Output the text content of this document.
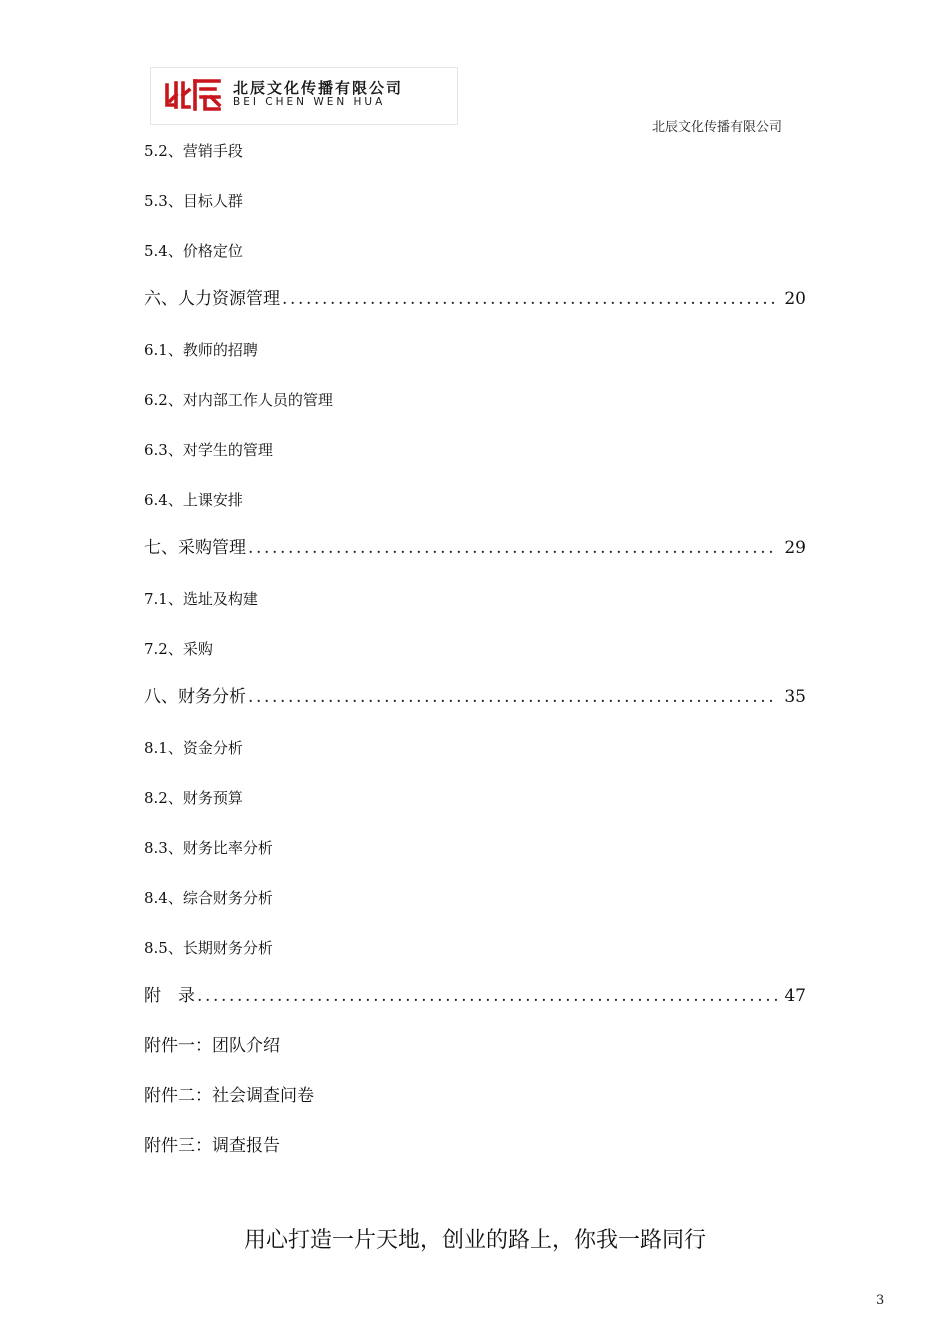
北辰文化传播有限公司
BEI CHEN WEN HUA
北辰文化传播有限公司
5.2、营销手段
5.3、目标人群
5.4、价格定位
六、人力资源管理 .....	20
6.1、教师的招聘
6.2、对内部工作人员的管理
6.3、对学生的管理
6.4、上课安排
七、采购管理 .....	29
7.1、选址及构建
7.2、采购
八、财务分析 .....	35
8.1、资金分析
8.2、财务预算
8.3、财务比率分析
8.4、综合财务分析
8.5、长期财务分析
附　录 .....	47
附件一：团队介绍
附件二：社会调查问卷
附件三：调查报告
用心打造一片天地，创业的路上，你我一路同行
3
